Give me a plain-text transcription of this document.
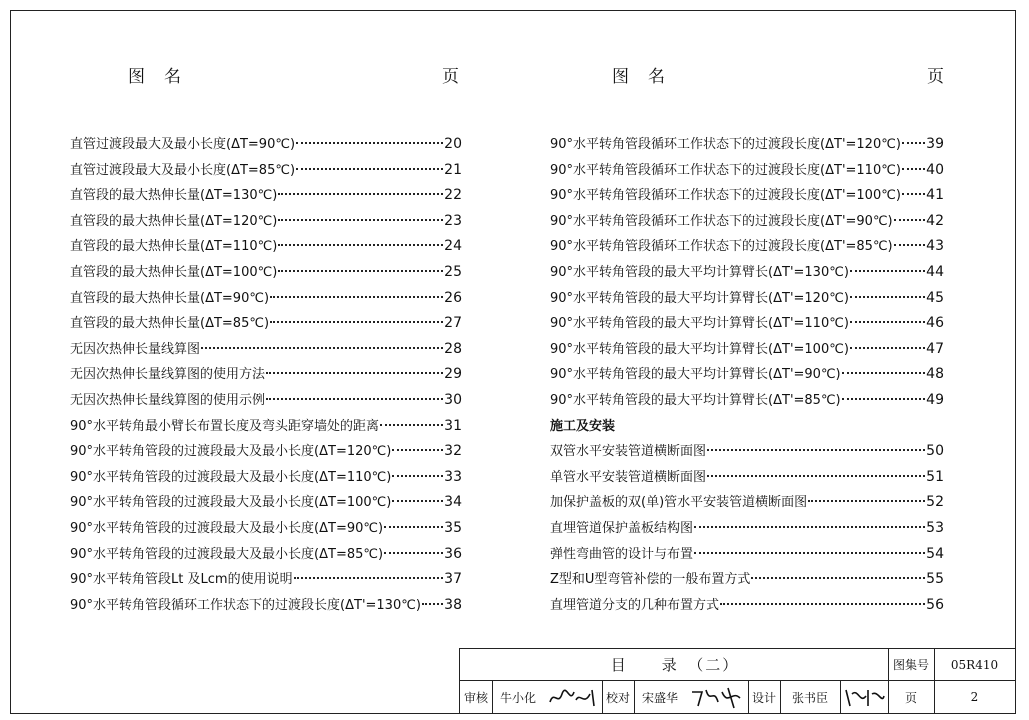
图　名	页	图　名	页
直管过渡段最大及最小长度(ΔT=90℃)	20
直管过渡段最大及最小长度(ΔT=85℃)	21
直管段的最大热伸长量(ΔT=130℃)	22
直管段的最大热伸长量(ΔT=120℃)	23
直管段的最大热伸长量(ΔT=110℃)	24
直管段的最大热伸长量(ΔT=100℃)	25
直管段的最大热伸长量(ΔT=90℃)	26
直管段的最大热伸长量(ΔT=85℃)	27
无因次热伸长量线算图	28
无因次热伸长量线算图的使用方法	29
无因次热伸长量线算图的使用示例	30
90°水平转角最小臂长布置长度及弯头距穿墙处的距离	31
90°水平转角管段的过渡段最大及最小长度(ΔT=120℃)	32
90°水平转角管段的过渡段最大及最小长度(ΔT=110℃)	33
90°水平转角管段的过渡段最大及最小长度(ΔT=100℃)	34
90°水平转角管段的过渡段最大及最小长度(ΔT=90℃)	35
90°水平转角管段的过渡段最大及最小长度(ΔT=85℃)	36
90°水平转角管段Lt 及Lcm的使用说明	37
90°水平转角管段循环工作状态下的过渡段长度(ΔT'=130℃) 38
90°水平转角管段循环工作状态下的过渡段长度(ΔT'=120℃) 39
90°水平转角管段循环工作状态下的过渡段长度(ΔT'=110℃) 40
90°水平转角管段循环工作状态下的过渡段长度(ΔT'=100℃) 41
90°水平转角管段循环工作状态下的过渡段长度(ΔT'=90℃) 42
90°水平转角管段循环工作状态下的过渡段长度(ΔT'=85℃) 43
90°水平转角管段的最大平均计算臂长(ΔT'=130℃)	44
90°水平转角管段的最大平均计算臂长(ΔT'=120℃)	45
90°水平转角管段的最大平均计算臂长(ΔT'=110℃)	46
90°水平转角管段的最大平均计算臂长(ΔT'=100℃)	47
90°水平转角管段的最大平均计算臂长(ΔT'=90℃)	48
90°水平转角管段的最大平均计算臂长(ΔT'=85℃)	49
施工及安装
双管水平安装管道横断面图	50
单管水平安装管道横断面图	51
加保护盖板的双(单)管水平安装管道横断面图	52
直埋管道保护盖板结构图	53
弹性弯曲管的设计与布置	54
Z型和U型弯管补偿的一般布置方式	55
直埋管道分支的几种布置方式	56
目　　录　（二）	图集号	05R410
审核 牛小化	校对 宋盛华	设计	张书臣	页	2
